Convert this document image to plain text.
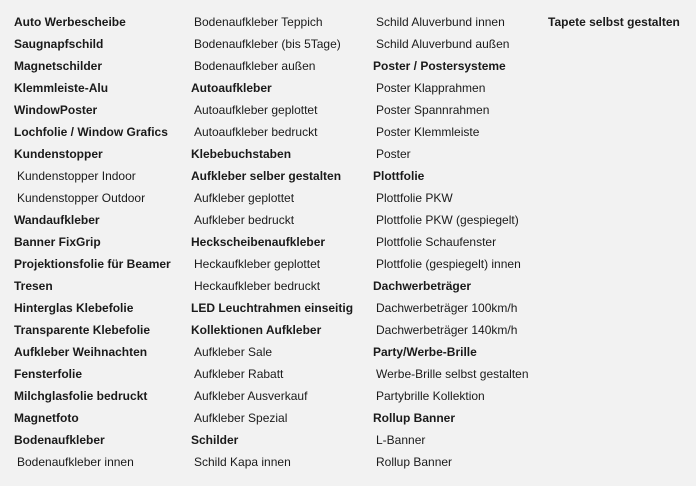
Auto Werbescheibe
Saugnapfschild
Magnetschilder
Klemmleiste-Alu
WindowPoster
Lochfolie / Window Grafics
Kundenstopper
Kundenstopper Indoor
Kundenstopper Outdoor
Wandaufkleber
Banner FixGrip
Projektionsfolie für Beamer
Tresen
Hinterglas Klebefolie
Transparente Klebefolie
Aufkleber Weihnachten
Fensterfolie
Milchglasfolie bedruckt
Magnetfoto
Bodenaufkleber
Bodenaufkleber innen
Bodenaufkleber Teppich
Bodenaufkleber (bis 5Tage)
Bodenaufkleber außen
Autoaufkleber
Autoaufkleber geplottet
Autoaufkleber bedruckt
Klebebuchstaben
Aufkleber selber gestalten
Aufkleber geplottet
Aufkleber bedruckt
Heckscheibenaufkleber
Heckaufkleber geplottet
Heckaufkleber bedruckt
LED Leuchtrahmen einseitig
Kollektionen Aufkleber
Aufkleber Sale
Aufkleber Rabatt
Aufkleber Ausverkauf
Aufkleber Spezial
Schilder
Schild Kapa innen
Schild Aluverbund innen
Schild Aluverbund außen
Poster / Postersysteme
Poster Klapprahmen
Poster Spannrahmen
Poster Klemmleiste
Poster
Plottfolie
Plottfolie PKW
Plottfolie PKW (gespiegelt)
Plottfolie Schaufenster
Plottfolie (gespiegelt) innen
Dachwerbeträger
Dachwerbeträger 100km/h
Dachwerbeträger 140km/h
Party/Werbe-Brille
Werbe-Brille selbst gestalten
Partybrille Kollektion
Rollup Banner
L-Banner
Rollup Banner
Tapete selbst gestalten
